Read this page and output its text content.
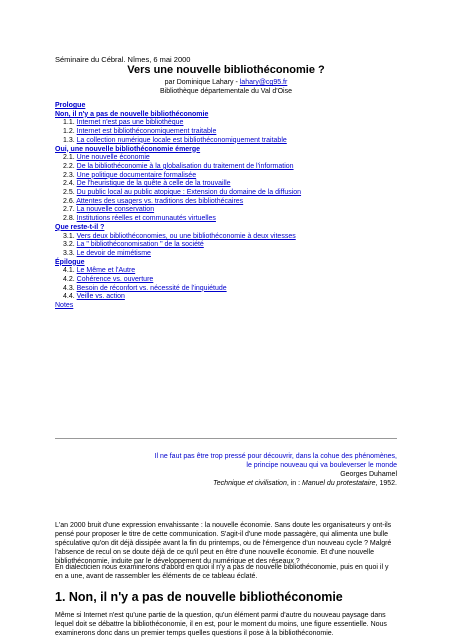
Séminaire du Cébral. Nîmes, 6 mai 2000
Vers une nouvelle bibliothéconomie ?
par Dominique Lahary - lahary@cg95.fr
Bibliothèque départementale du Val d'Oise
Prologue
Non, il n'y a pas de nouvelle bibliothéconomie
1.1. Internet n'est pas une bibliothèque
1.2. Internet est bibliothéconomiquement traitable
1.3. La collection numérique locale est bibliothéconomiquement traitable
Oui, une nouvelle bibliothéconomie émerge
2.1. Une nouvelle économie
2.2. De la bibliothéconomie à la globalisation du traitement de l'information
2.3. Une politique documentaire formalisée
2.4. De l'heuristique de la quête à celle de la trouvaille
2.5. Du public local au public atopique : Extension du domaine de la diffusion
2.6. Attentes des usagers vs. traditions des bibliothécaires
2.7. La nouvelle conservation
2.8. Institutions réelles et communautés virtuelles
Que reste-t-il ?
3.1. Vers deux bibliothéconomies, ou une bibliothéconomie à deux vitesses
3.2. La " bibliothéconomisation " de la société
3.3. Le devoir de mimétisme
Épilogue
4.1. Le Même et l'Autre
4.2. Cohérence vs. ouverture
4.3. Besoin de réconfort vs. nécessité de l'inquiétude
4.4. Veille vs. action
Notes
Il ne faut pas être trop pressé pour découvrir, dans la cohue des phénomènes,
le principe nouveau qui va bouleverser le monde
Georges Duhamel
Technique et civilisation, in : Manuel du protestataire, 1952.
L'an 2000 bruit d'une expression envahissante : la nouvelle économie. Sans doute les organisateurs y ont-ils pensé pour proposer le titre de cette communication. S'agit-il d'une mode passagère, qui alimenta une bulle spéculative qu'on dit déjà dissipée avant la fin du printemps, ou de l'émergence d'un nouveau cycle ? Malgré l'absence de recul on se doute déjà de ce qu'il peut en être d'une nouvelle économie. Et d'une nouvelle bibliothéconomie, induite par le développement du numérique et des réseaux ?
En dialecticien nous examinerons d'abord en quoi il n'y a pas de nouvelle bibliothéconomie, puis en quoi il y en a une, avant de rassembler les éléments de ce tableau éclaté.
1. Non, il n'y a pas de nouvelle bibliothéconomie
Même si Internet n'est qu'une partie de la question, qu'un élément parmi d'autre du nouveau paysage dans lequel doit se débattre la bibliothéconomie, il en est, pour le moment du moins, une figure essentielle. Nous examinerons donc dans un premier temps quelles questions il pose à la bibliothéconomie.
